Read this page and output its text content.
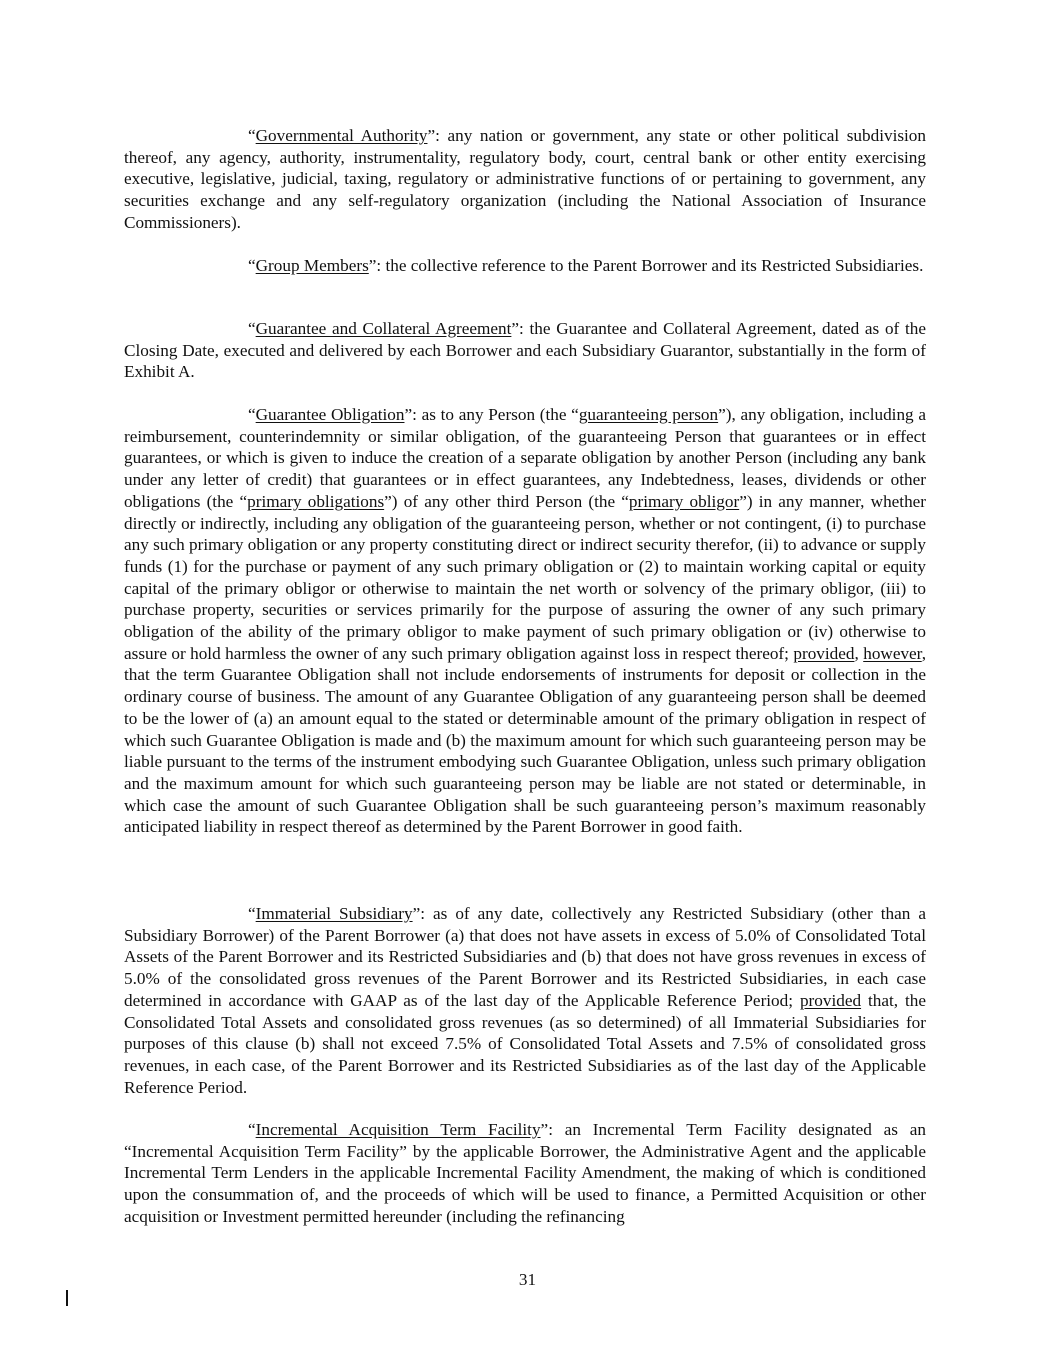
“Governmental Authority”: any nation or government, any state or other political subdivision thereof, any agency, authority, instrumentality, regulatory body, court, central bank or other entity exercising executive, legislative, judicial, taxing, regulatory or administrative functions of or pertaining to government, any securities exchange and any self-regulatory organization (including the National Association of Insurance Commissioners).

“Group Members”: the collective reference to the Parent Borrower and its Restricted Subsidiaries.

“Guarantee and Collateral Agreement”: the Guarantee and Collateral Agreement, dated as of the Closing Date, executed and delivered by each Borrower and each Subsidiary Guarantor, substantially in the form of Exhibit A.

“Guarantee Obligation”: as to any Person (the “guaranteeing person”), any obligation, including a reimbursement, counterindemnity or similar obligation, of the guaranteeing Person that guarantees or in effect guarantees, or which is given to induce the creation of a separate obligation by another Person (including any bank under any letter of credit) that guarantees or in effect guarantees, any Indebtedness, leases, dividends or other obligations (the “primary obligations”) of any other third Person (the “primary obligor”) in any manner, whether directly or indirectly, including any obligation of the guaranteeing person, whether or not contingent, (i) to purchase any such primary obligation or any property constituting direct or indirect security therefor, (ii) to advance or supply funds (1) for the purchase or payment of any such primary obligation or (2) to maintain working capital or equity capital of the primary obligor or otherwise to maintain the net worth or solvency of the primary obligor, (iii) to purchase property, securities or services primarily for the purpose of assuring the owner of any such primary obligation of the ability of the primary obligor to make payment of such primary obligation or (iv) otherwise to assure or hold harmless the owner of any such primary obligation against loss in respect thereof; provided, however, that the term Guarantee Obligation shall not include endorsements of instruments for deposit or collection in the ordinary course of business. The amount of any Guarantee Obligation of any guaranteeing person shall be deemed to be the lower of (a) an amount equal to the stated or determinable amount of the primary obligation in respect of which such Guarantee Obligation is made and (b) the maximum amount for which such guaranteeing person may be liable pursuant to the terms of the instrument embodying such Guarantee Obligation, unless such primary obligation and the maximum amount for which such guaranteeing person may be liable are not stated or determinable, in which case the amount of such Guarantee Obligation shall be such guaranteeing person’s maximum reasonably anticipated liability in respect thereof as determined by the Parent Borrower in good faith.

“Immaterial Subsidiary”: as of any date, collectively any Restricted Subsidiary (other than a Subsidiary Borrower) of the Parent Borrower (a) that does not have assets in excess of 5.0% of Consolidated Total Assets of the Parent Borrower and its Restricted Subsidiaries and (b) that does not have gross revenues in excess of 5.0% of the consolidated gross revenues of the Parent Borrower and its Restricted Subsidiaries, in each case determined in accordance with GAAP as of the last day of the Applicable Reference Period; provided that, the Consolidated Total Assets and consolidated gross revenues (as so determined) of all Immaterial Subsidiaries for purposes of this clause (b) shall not exceed 7.5% of Consolidated Total Assets and 7.5% of consolidated gross revenues, in each case, of the Parent Borrower and its Restricted Subsidiaries as of the last day of the Applicable Reference Period.

“Incremental Acquisition Term Facility”: an Incremental Term Facility designated as an “Incremental Acquisition Term Facility” by the applicable Borrower, the Administrative Agent and the applicable Incremental Term Lenders in the applicable Incremental Facility Amendment, the making of which is conditioned upon the consummation of, and the proceeds of which will be used to finance, a Permitted Acquisition or other acquisition or Investment permitted hereunder (including the refinancing

31
